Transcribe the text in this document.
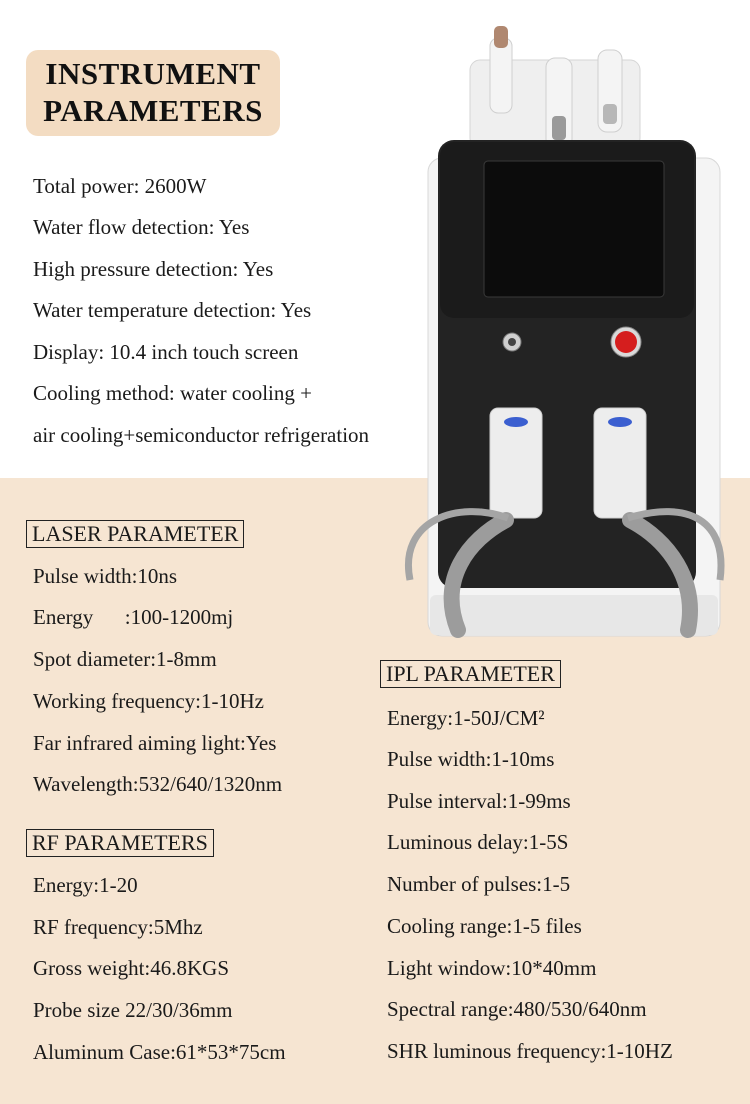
INSTRUMENT
PARAMETERS
Total power: 2600W
Water flow detection: Yes
High pressure detection: Yes
Water temperature detection: Yes
Display: 10.4 inch touch screen
Cooling method: water cooling +
air cooling+semiconductor refrigeration
LASER PARAMETER
Pulse width:10ns
Energy      :100-1200mj
Spot diameter:1-8mm
Working frequency:1-10Hz
Far infrared aiming light:Yes
Wavelength:532/640/1320nm
RF PARAMETERS
Energy:1-20
RF frequency:5Mhz
Gross weight:46.8KGS
Probe size 22/30/36mm
Aluminum Case:61*53*75cm
IPL PARAMETER
Energy:1-50J/CM²
Pulse width:1-10ms
Pulse interval:1-99ms
Luminous delay:1-5S
Number of pulses:1-5
Cooling range:1-5 files
Light window:10*40mm
Spectral range:480/530/640nm
SHR luminous frequency:1-10HZ
